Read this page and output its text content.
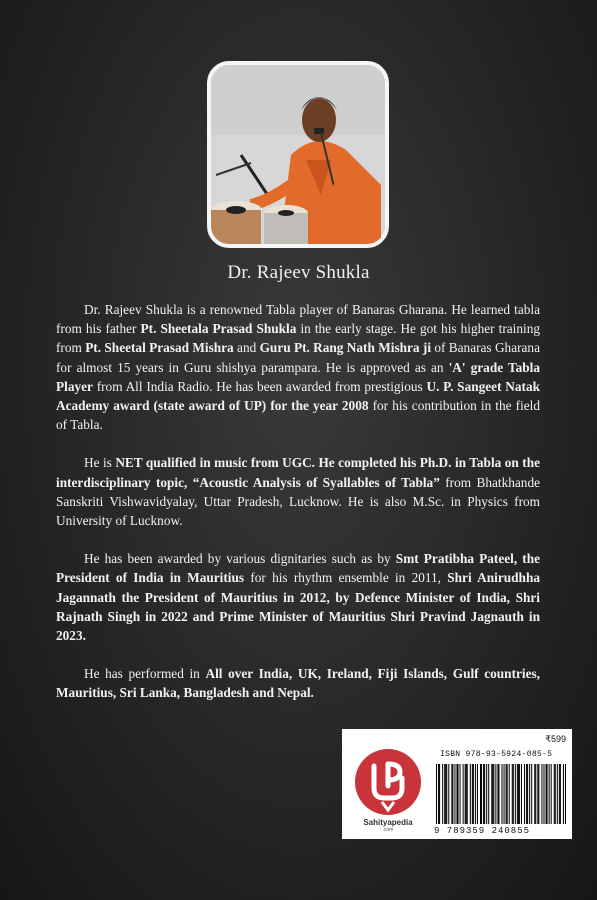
Dr. Rajeev Shukla

Dr. Rajeev Shukla is a renowned Tabla player of Banaras Gharana. He learned tabla from his father Pt. Sheetala Prasad Shukla in the early stage. He got his higher training from Pt. Sheetal Prasad Mishra and Guru Pt. Rang Nath Mishra ji of Banaras Gharana for almost 15 years in Guru shishya parampara. He is approved as an 'A' grade Tabla Player from All India Radio. He has been awarded from prestigious U. P. Sangeet Natak Academy award (state award of UP) for the year 2008 for his contribution in the field of Tabla.

He is NET qualified in music from UGC. He completed his Ph.D. in Tabla on the interdisciplinary topic, “Acoustic Analysis of Syallables of Tabla” from Bhatkhande Sanskriti Vishwavidyalay, Uttar Pradesh, Lucknow. He is also M.Sc. in Physics from University of Lucknow.

He has been awarded by various dignitaries such as by Smt Pratibha Pateel, the President of India in Mauritius for his rhythm ensemble in 2011, Shri Anirudhha Jagannath the President of Mauritius in 2012, by Defence Minister of India, Shri Rajnath Singh in 2022 and Prime Minister of Mauritius Shri Pravind Jagnauth in 2023.

He has performed in All over India, UK, Ireland, Fiji Islands, Gulf countries, Mauritius, Sri Lanka, Bangladesh and Nepal.

₹599
ISBN 978-93-5924-085-5
Sahityapedia
.com	9 789359 240855
